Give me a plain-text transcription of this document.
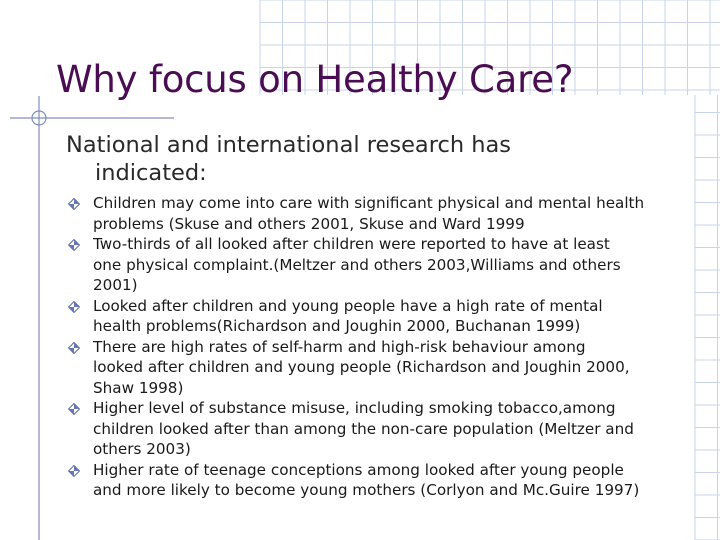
Why focus on Healthy Care?

National and international research has
indicated:

Children may come into care with significant physical and mental health
problems (Skuse and others 2001, Skuse and Ward 1999
Two-thirds of all looked after children were reported to have at least
one physical complaint.(Meltzer and others 2003,Williams and others
2001)
Looked after children and young people have a high rate of mental
health problems(Richardson and Joughin 2000, Buchanan 1999)
There are high rates of self-harm and high-risk behaviour among
looked after children and young people (Richardson and Joughin 2000,
Shaw 1998)
Higher level of substance misuse, including smoking tobacco,among
children looked after than among the non-care population (Meltzer and
others 2003)
Higher rate of teenage conceptions among looked after young people
and more likely to become young mothers (Corlyon and Mc.Guire 1997)
